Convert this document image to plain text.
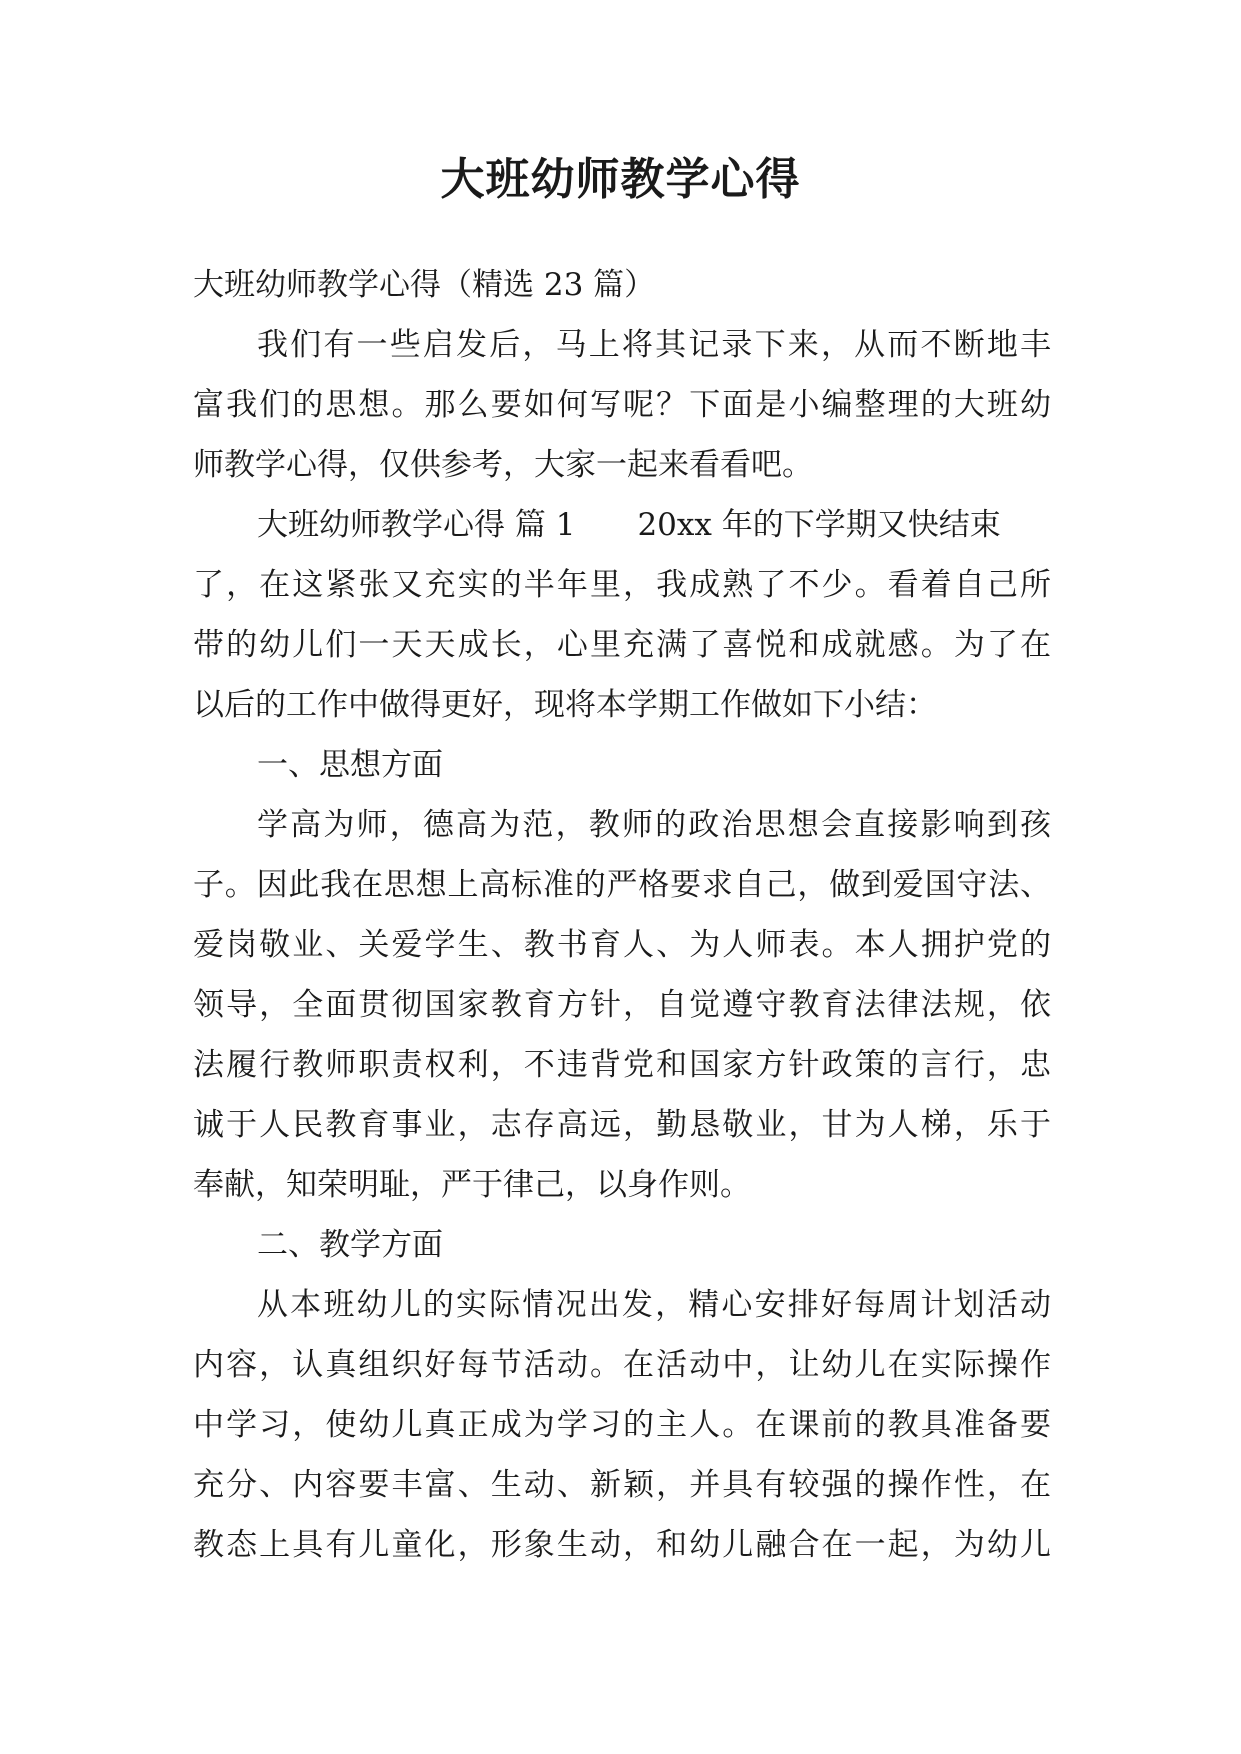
大班幼师教学心得
大班幼师教学心得（精选 23 篇）
我们有一些启发后，马上将其记录下来，从而不断地丰
富我们的思想。那么要如何写呢？下面是小编整理的大班幼
师教学心得，仅供参考，大家一起来看看吧。
大班幼师教学心得 篇 1 20xx 年的下学期又快结束
了，在这紧张又充实的半年里，我成熟了不少。看着自己所
带的幼儿们一天天成长，心里充满了喜悦和成就感。为了在
以后的工作中做得更好，现将本学期工作做如下小结：
一、思想方面
学高为师，德高为范，教师的政治思想会直接影响到孩
子。因此我在思想上高标准的严格要求自己，做到爱国守法、
爱岗敬业、关爱学生、教书育人、为人师表。本人拥护党的
领导，全面贯彻国家教育方针，自觉遵守教育法律法规，依
法履行教师职责权利，不违背党和国家方针政策的言行，忠
诚于人民教育事业，志存高远，勤恳敬业，甘为人梯，乐于
奉献，知荣明耻，严于律己，以身作则。
二、教学方面
从本班幼儿的实际情况出发，精心安排好每周计划活动
内容，认真组织好每节活动。在活动中，让幼儿在实际操作
中学习，使幼儿真正成为学习的主人。在课前的教具准备要
充分、内容要丰富、生动、新颖，并具有较强的操作性，在
教态上具有儿童化，形象生动，和幼儿融合在一起，为幼儿
